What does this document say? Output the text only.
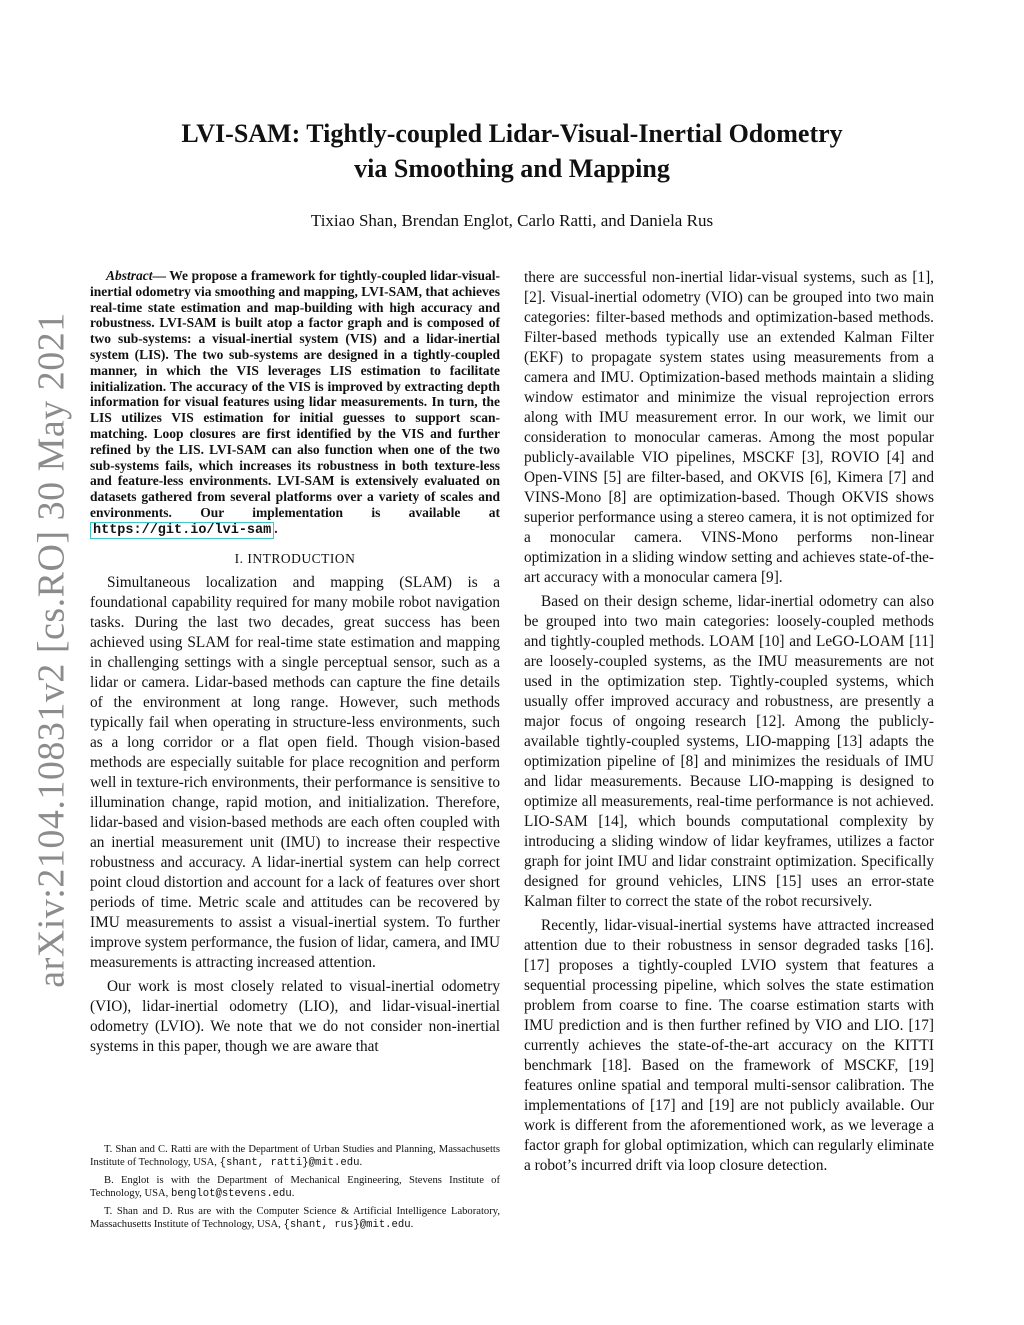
arXiv:2104.10831v2 [cs.RO] 30 May 2021
LVI-SAM: Tightly-coupled Lidar-Visual-Inertial Odometry
via Smoothing and Mapping
Tixiao Shan, Brendan Englot, Carlo Ratti, and Daniela Rus

Abstract— We propose a framework for tightly-coupled lidar-visual-inertial odometry via smoothing and mapping, LVI-SAM, that achieves real-time state estimation and map-building with high accuracy and robustness. LVI-SAM is built atop a factor graph and is composed of two sub-systems: a visual-inertial system (VIS) and a lidar-inertial system (LIS). The two sub-systems are designed in a tightly-coupled manner, in which the VIS leverages LIS estimation to facilitate initialization. The accuracy of the VIS is improved by extracting depth information for visual features using lidar measurements. In turn, the LIS utilizes VIS estimation for initial guesses to support scan-matching. Loop closures are first identified by the VIS and further refined by the LIS. LVI-SAM can also function when one of the two sub-systems fails, which increases its robustness in both texture-less and feature-less environments. LVI-SAM is extensively evaluated on datasets gathered from several platforms over a variety of scales and environments. Our implementation is available at https://git.io/lvi-sam .

I. INTRODUCTION

Simultaneous localization and mapping (SLAM) is a foundational capability required for many mobile robot navigation tasks. During the last two decades, great success has been achieved using SLAM for real-time state estimation and mapping in challenging settings with a single perceptual sensor, such as a lidar or camera. Lidar-based methods can capture the fine details of the environment at long range. However, such methods typically fail when operating in structure-less environments, such as a long corridor or a flat open field. Though vision-based methods are especially suitable for place recognition and perform well in texture-rich environments, their performance is sensitive to illumination change, rapid motion, and initialization. Therefore, lidar-based and vision-based methods are each often coupled with an inertial measurement unit (IMU) to increase their respective robustness and accuracy. A lidar-inertial system can help correct point cloud distortion and account for a lack of features over short periods of time. Metric scale and attitudes can be recovered by IMU measurements to assist a visual-inertial system. To further improve system performance, the fusion of lidar, camera, and IMU measurements is attracting increased attention.

Our work is most closely related to visual-inertial odometry (VIO), lidar-inertial odometry (LIO), and lidar-visual-inertial odometry (LVIO). We note that we do not consider non-inertial systems in this paper, though we are aware that

T. Shan and C. Ratti are with the Department of Urban Studies and Planning, Massachusetts Institute of Technology, USA, {shant, ratti}@mit.edu.

B. Englot is with the Department of Mechanical Engineering, Stevens Institute of Technology, USA, benglot@stevens.edu.

T. Shan and D. Rus are with the Computer Science & Artificial Intelligence Laboratory, Massachusetts Institute of Technology, USA, {shant, rus}@mit.edu.

there are successful non-inertial lidar-visual systems, such as [1], [2]. Visual-inertial odometry (VIO) can be grouped into two main categories: filter-based methods and optimization-based methods. Filter-based methods typically use an extended Kalman Filter (EKF) to propagate system states using measurements from a camera and IMU. Optimization-based methods maintain a sliding window estimator and minimize the visual reprojection errors along with IMU measurement error. In our work, we limit our consideration to monocular cameras. Among the most popular publicly-available VIO pipelines, MSCKF [3], ROVIO [4] and Open-VINS [5] are filter-based, and OKVIS [6], Kimera [7] and VINS-Mono [8] are optimization-based. Though OKVIS shows superior performance using a stereo camera, it is not optimized for a monocular camera. VINS-Mono performs non-linear optimization in a sliding window setting and achieves state-of-the-art accuracy with a monocular camera [9].

Based on their design scheme, lidar-inertial odometry can also be grouped into two main categories: loosely-coupled methods and tightly-coupled methods. LOAM [10] and LeGO-LOAM [11] are loosely-coupled systems, as the IMU measurements are not used in the optimization step. Tightly-coupled systems, which usually offer improved accuracy and robustness, are presently a major focus of ongoing research [12]. Among the publicly-available tightly-coupled systems, LIO-mapping [13] adapts the optimization pipeline of [8] and minimizes the residuals of IMU and lidar measurements. Because LIO-mapping is designed to optimize all measurements, real-time performance is not achieved. LIO-SAM [14], which bounds computational complexity by introducing a sliding window of lidar keyframes, utilizes a factor graph for joint IMU and lidar constraint optimization. Specifically designed for ground vehicles, LINS [15] uses an error-state Kalman filter to correct the state of the robot recursively.

Recently, lidar-visual-inertial systems have attracted increased attention due to their robustness in sensor degraded tasks [16]. [17] proposes a tightly-coupled LVIO system that features a sequential processing pipeline, which solves the state estimation problem from coarse to fine. The coarse estimation starts with IMU prediction and is then further refined by VIO and LIO. [17] currently achieves the state-of-the-art accuracy on the KITTI benchmark [18]. Based on the framework of MSCKF, [19] features online spatial and temporal multi-sensor calibration. The implementations of [17] and [19] are not publicly available. Our work is different from the aforementioned work, as we leverage a factor graph for global optimization, which can regularly eliminate a robot’s incurred drift via loop closure detection.
